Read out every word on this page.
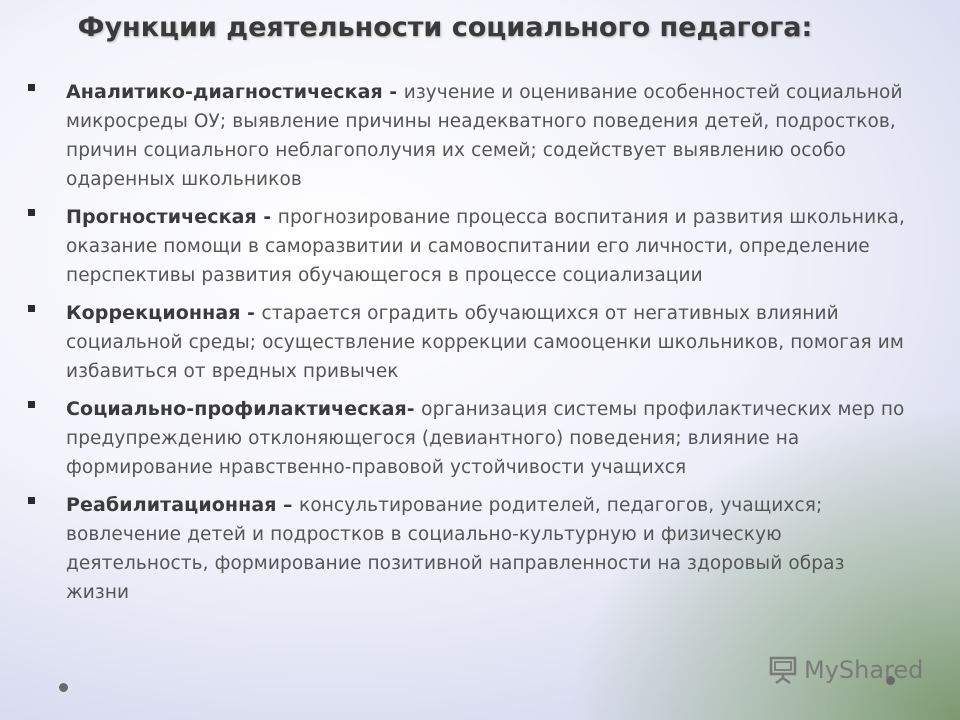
Функции деятельности социального педагога:
Аналитико-диагностическая - изучение и оценивание особенностей социальной микросреды ОУ; выявление причины неадекватного поведения детей, подростков, причин социального неблагополучия их семей; содействует выявлению особо одаренных школьников
Прогностическая - прогнозирование процесса воспитания и развития школьника, оказание помощи в саморазвитии и самовоспитании его личности, определение перспективы развития обучающегося в процессе социализации
Коррекционная - старается оградить обучающихся от негативных влияний социальной среды; осуществление коррекции самооценки школьников, помогая им избавиться от вредных привычек
Социально-профилактическая- организация системы профилактических мер по предупреждению отклоняющегося (девиантного) поведения; влияние на формирование нравственно-правовой устойчивости учащихся
Реабилитационная – консультирование родителей, педагогов, учащихся; вовлечение детей и подростков в социально-культурную и физическую деятельность, формирование позитивной направленности на здоровый образ жизни
MyShared
